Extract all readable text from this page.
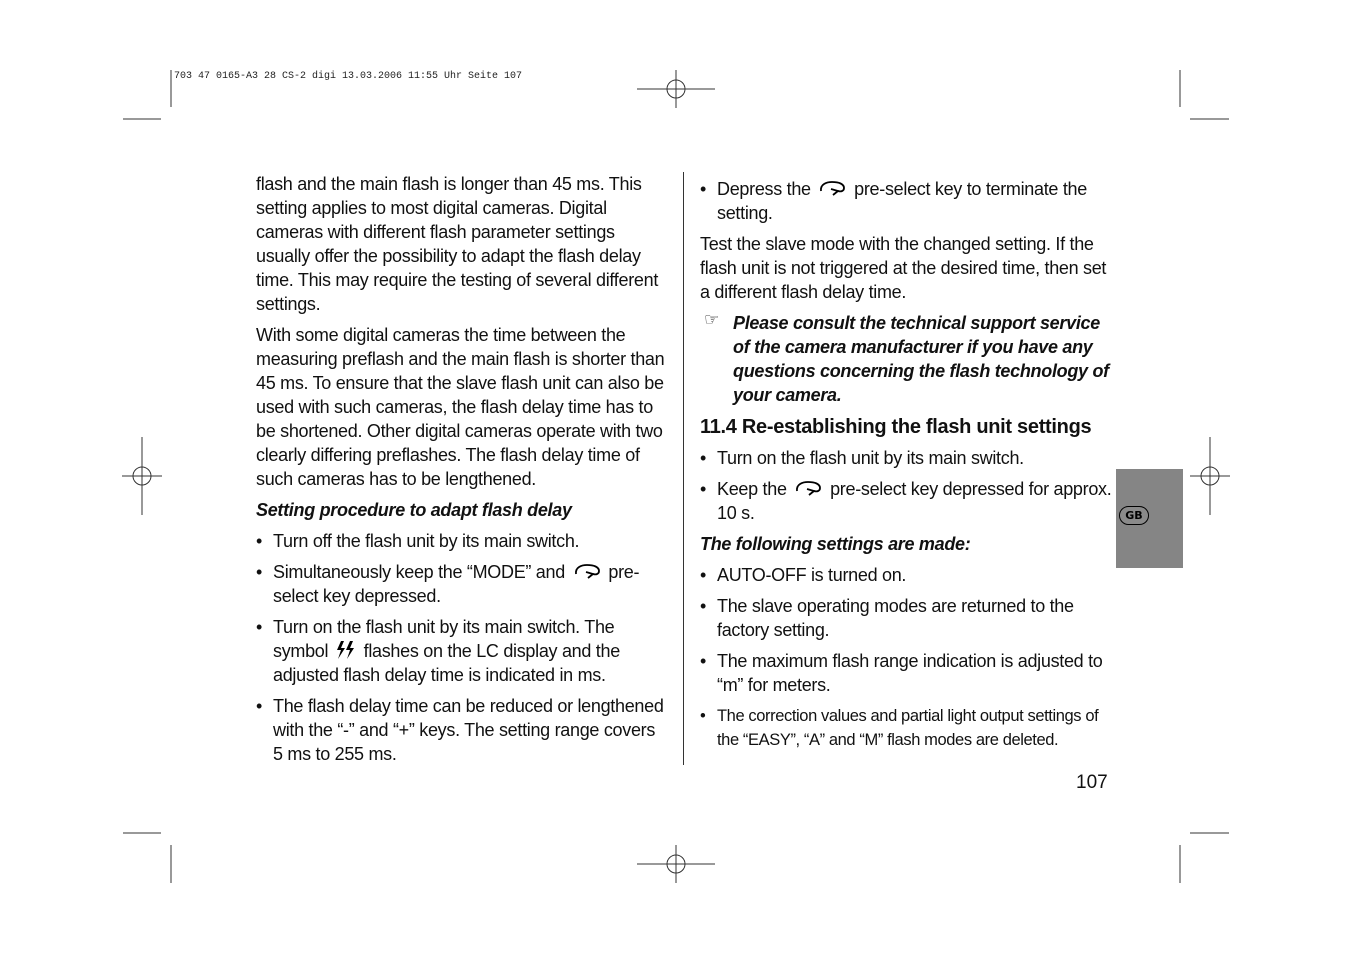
703 47 0165-A3 28 CS-2 digi 13.03.2006 11:55 Uhr Seite 107

flash and the main flash is longer than 45 ms. This setting applies to most digital cameras. Digital cameras with different flash parameter settings usually offer the possibility to adapt the flash delay time. This may require the testing of several different settings.

With some digital cameras the time between the measuring preflash and the main flash is shorter than 45 ms. To ensure that the slave flash unit can also be used with such cameras, the flash delay time has to be shortened. Other digital cameras operate with two clearly differing preflashes. The flash delay time of such cameras has to be lengthened.

Setting procedure to adapt flash delay
• Turn off the flash unit by its main switch.
• Simultaneously keep the “MODE” and pre-select key depressed.
• Turn on the flash unit by its main switch. The symbol flashes on the LC display and the adjusted flash delay time is indicated in ms.
• The flash delay time can be reduced or lengthened with the “-” and “+” keys. The setting range covers 5 ms to 255 ms.
• Depress the pre-select key to terminate the setting.

Test the slave mode with the changed setting. If the flash unit is not triggered at the desired time, then set a different flash delay time.

☞ Please consult the technical support service of the camera manufacturer if you have any questions concerning the flash technology of your camera.
11.4 Re-establishing the flash unit settings
• Turn on the flash unit by its main switch.
• Keep the pre-select key depressed for approx. 10 s.
The following settings are made:
• AUTO-OFF is turned on.
• The slave operating modes are returned to the factory setting.
• The maximum flash range indication is adjusted to “m” for meters.
• The correction values and partial light output settings of the “EASY”, “A” and “M” flash modes are deleted.
GB
107
